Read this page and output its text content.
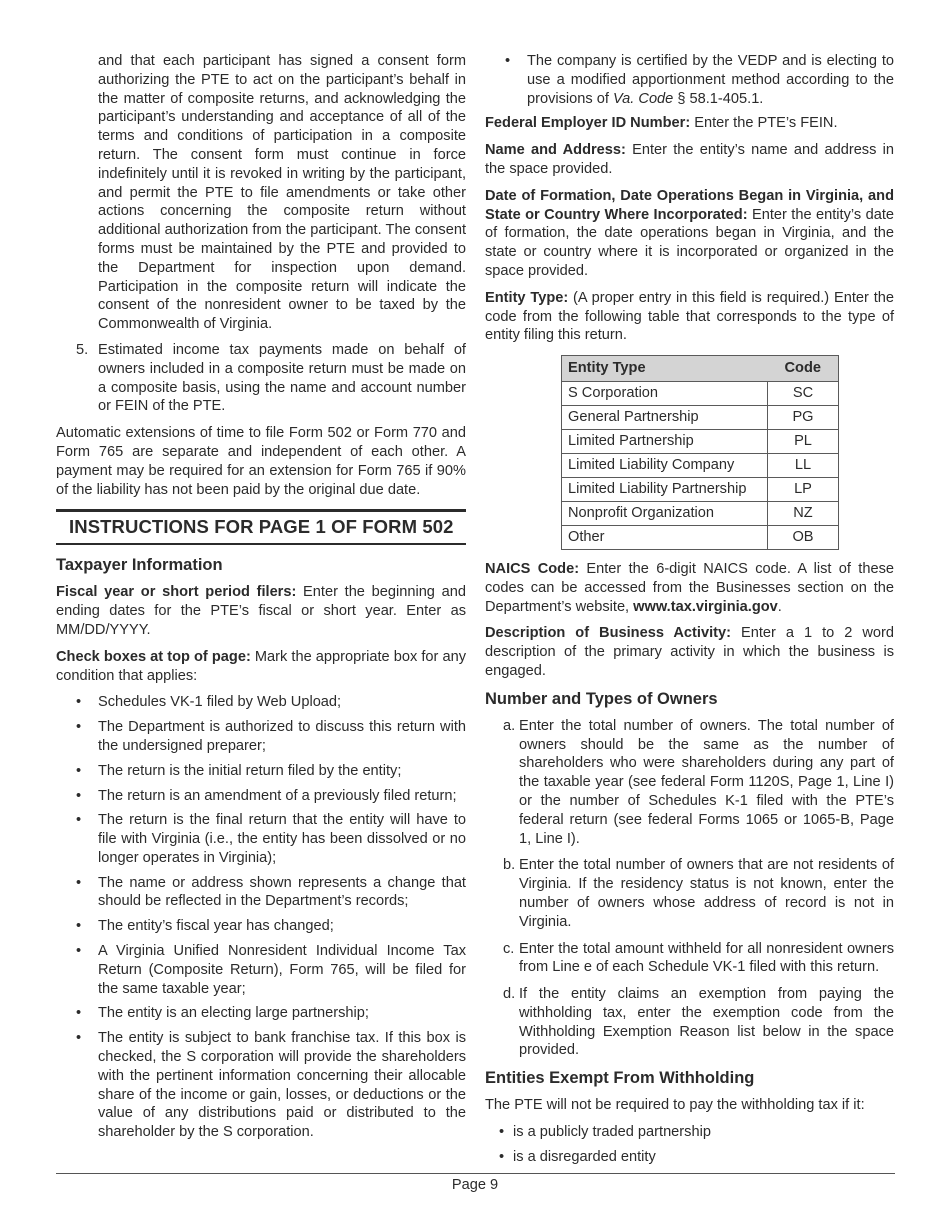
and that each participant has signed a consent form authorizing the PTE to act on the participant’s behalf in the matter of composite returns, and acknowledging the participant’s understanding and acceptance of all of the terms and conditions of participation in a composite return. The consent form must continue in force indefinitely until it is revoked in writing by the participant, and permit the PTE to file amendments or take other actions concerning the composite return without additional authorization from the participant. The consent forms must be maintained by the PTE and provided to the Department for inspection upon demand. Participation in the composite return will indicate the consent of the nonresident owner to be taxed by the Commonwealth of Virginia.
5. Estimated income tax payments made on behalf of owners included in a composite return must be made on a composite basis, using the name and account number or FEIN of the PTE.

Automatic extensions of time to file Form 502 or Form 770 and Form 765 are separate and independent of each other. A payment may be required for an extension for Form 765 if 90% of the liability has not been paid by the original due date.

INSTRUCTIONS FOR PAGE 1 OF FORM 502
Taxpayer Information

Fiscal year or short period filers: Enter the beginning and ending dates for the PTE’s fiscal or short year. Enter as MM/DD/YYYY.

Check boxes at top of page: Mark the appropriate box for any condition that applies:

• Schedules VK-1 filed by Web Upload;
• The Department is authorized to discuss this return with the undersigned preparer;
• The return is the initial return filed by the entity;
• The return is an amendment of a previously filed return;
• The return is the final return that the entity will have to file with Virginia (i.e., the entity has been dissolved or no longer operates in Virginia);
• The name or address shown represents a change that should be reflected in the Department’s records;
• The entity’s fiscal year has changed;
• A Virginia Unified Nonresident Individual Income Tax Return (Composite Return), Form 765, will be filed for the same taxable year;
• The entity is an electing large partnership;
• The entity is subject to bank franchise tax. If this box is checked, the S corporation will provide the shareholders with the pertinent information concerning their allocable share of the income or gain, losses, or deductions or the value of any distributions paid or distributed to the shareholder by the S corporation.
• The company is certified by the VEDP and is electing to use a modified apportionment method according to the provisions of Va. Code § 58.1-405.1.

Federal Employer ID Number: Enter the PTE’s FEIN.

Name and Address: Enter the entity’s name and address in the space provided.

Date of Formation, Date Operations Began in Virginia, and State or Country Where Incorporated: Enter the entity’s date of formation, the date operations began in Virginia, and the state or country where it is incorporated or organized in the space provided.

Entity Type: (A proper entry in this field is required.) Enter the code from the following table that corresponds to the type of entity filing this return.

Entity Type	Code
S Corporation	SC
General Partnership	PG
Limited Partnership	PL
Limited Liability Company	LL
Limited Liability Partnership	LP
Nonprofit Organization	NZ
Other	OB

NAICS Code: Enter the 6-digit NAICS code. A list of these codes can be accessed from the Businesses section on the Department’s website, www.tax.virginia.gov.

Description of Business Activity: Enter a 1 to 2 word description of the primary activity in which the business is engaged.

Number and Types of Owners
a. Enter the total number of owners. The total number of owners should be the same as the number of shareholders who were shareholders during any part of the taxable year (see federal Form 1120S, Page 1, Line I) or the number of Schedules K-1 filed with the PTE’s federal return (see federal Forms 1065 or 1065-B, Page 1, Line I).
b. Enter the total number of owners that are not residents of Virginia. If the residency status is not known, enter the number of owners whose address of record is not in Virginia.
c. Enter the total amount withheld for all nonresident owners from Line e of each Schedule VK-1 filed with this return.
d. If the entity claims an exemption from paying the withholding tax, enter the exemption code from the Withholding Exemption Reason list below in the space provided.
Entities Exempt From Withholding

The PTE will not be required to pay the withholding tax if it:

• is a publicly traded partnership
• is a disregarded entity
Page 9
